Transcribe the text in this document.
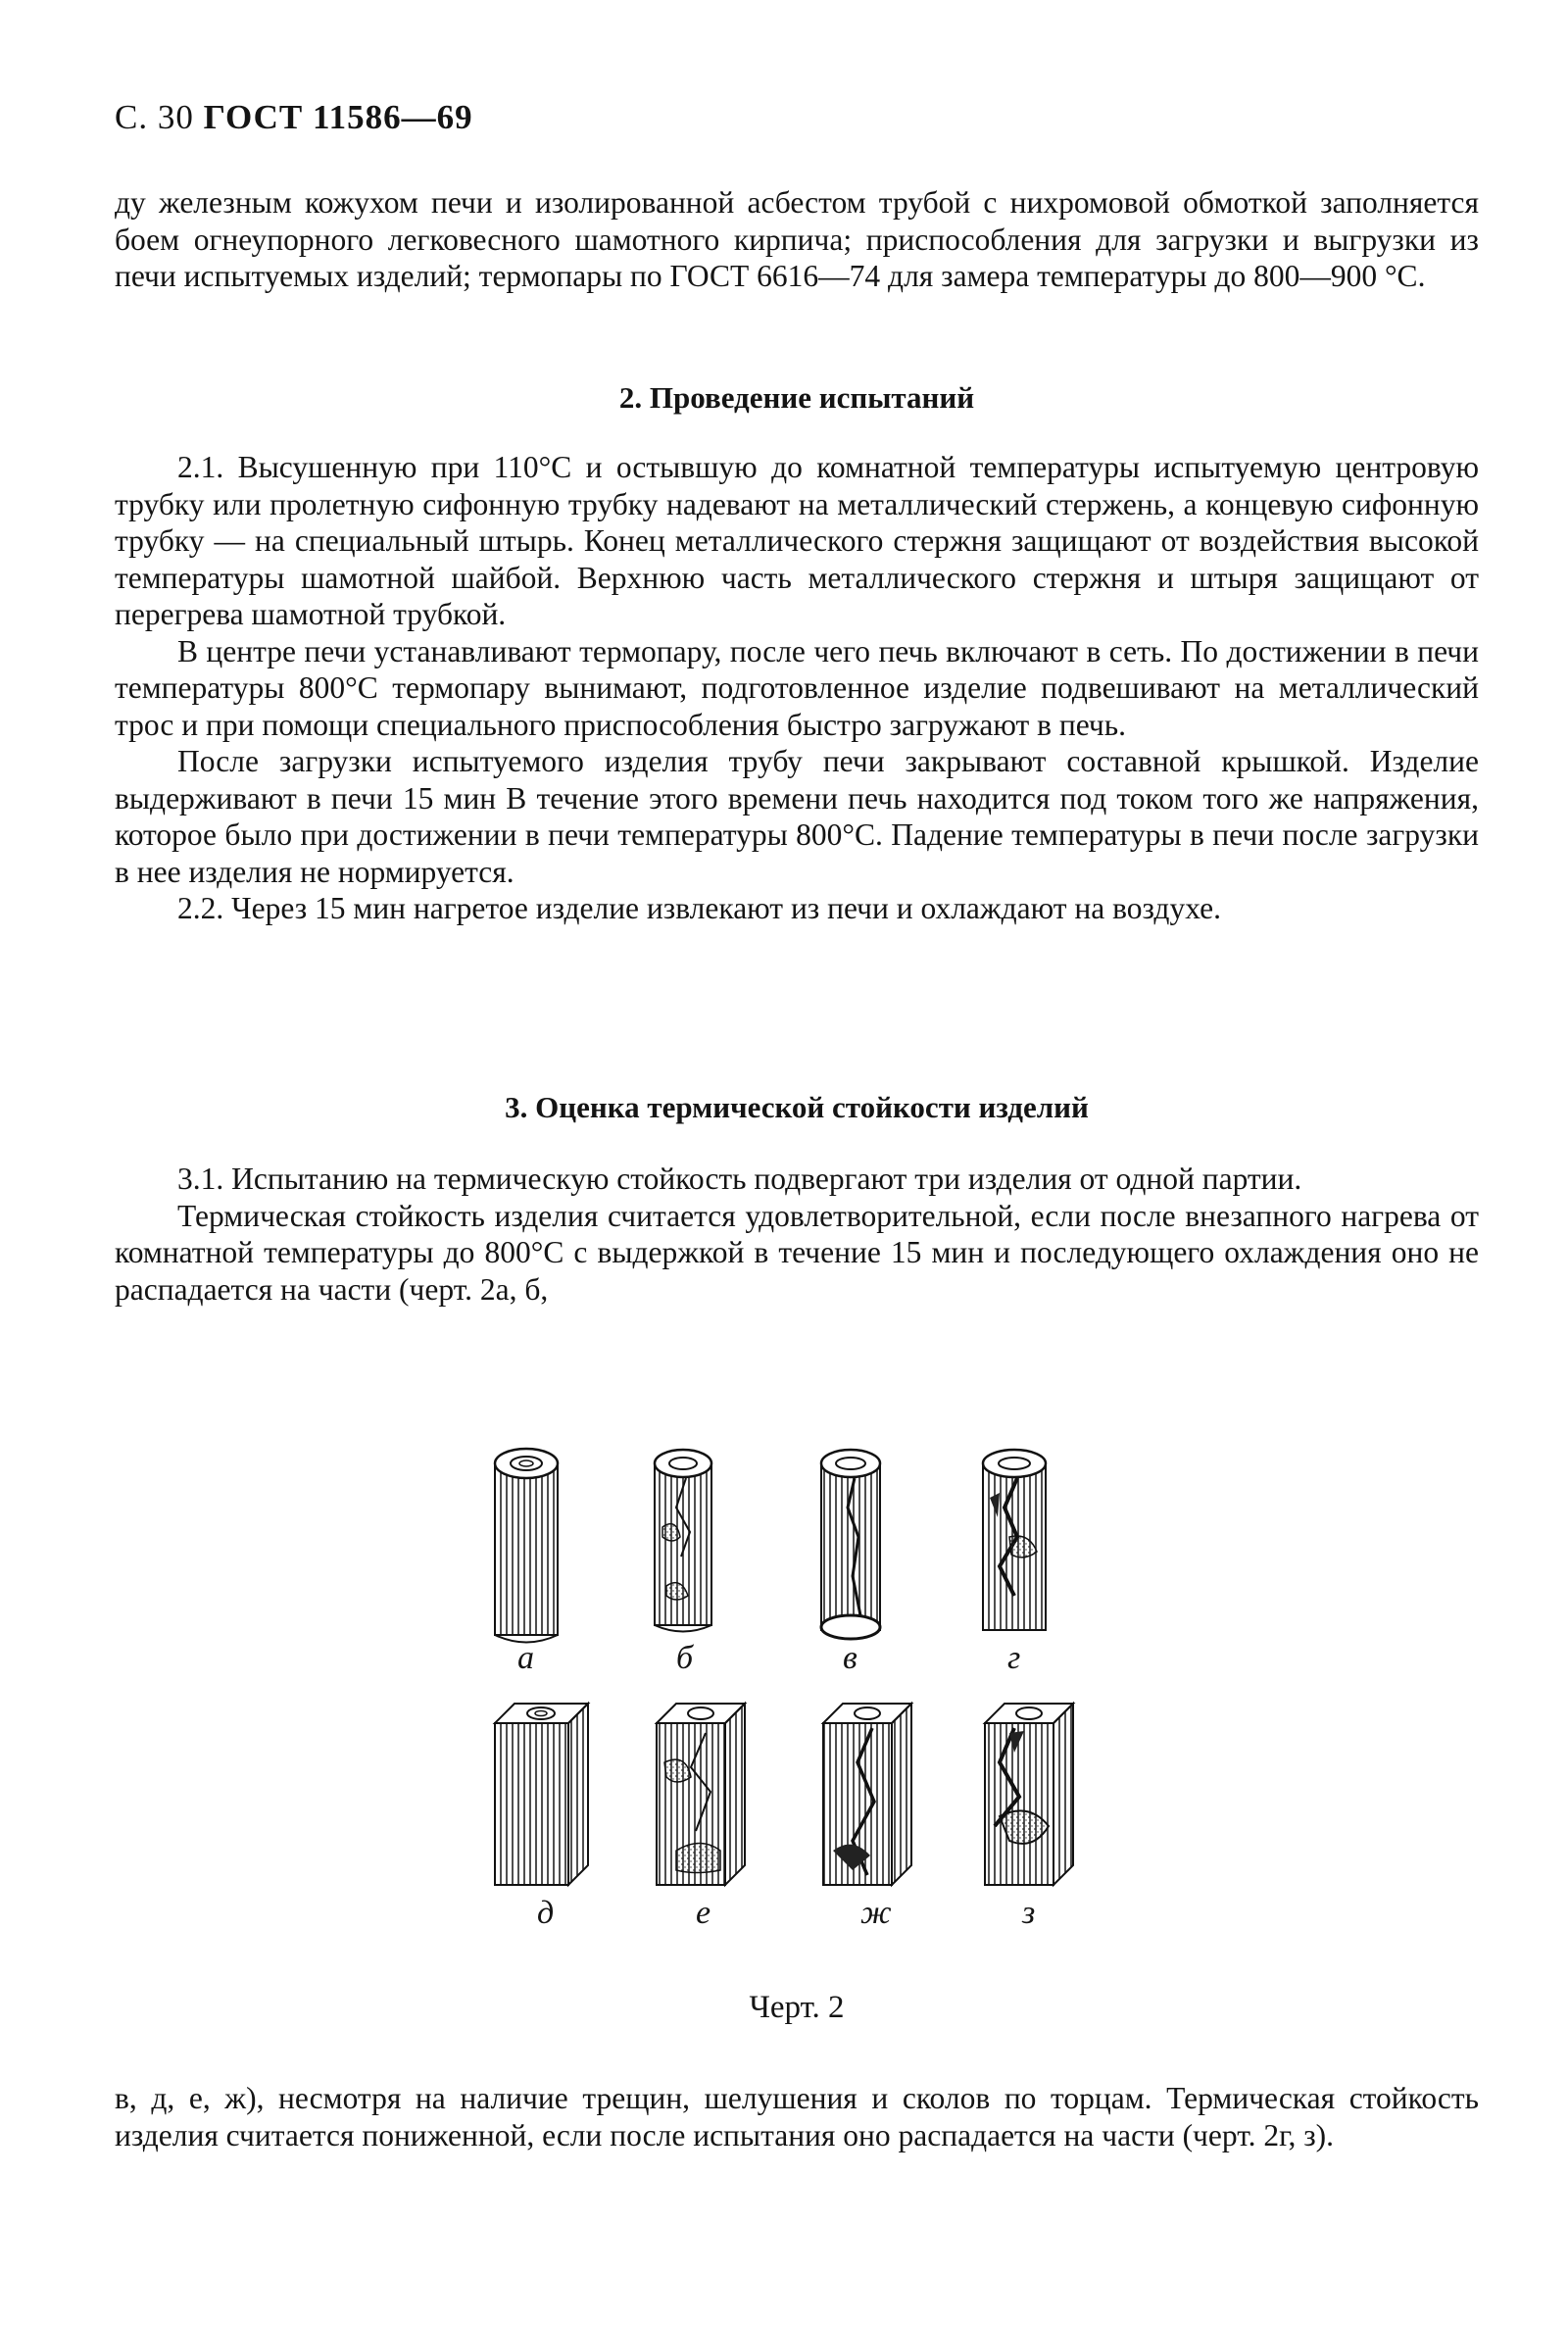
С. 30 ГОСТ 11586—69

ду железным кожухом печи и изолированной асбестом трубой с нихромовой обмоткой заполняется боем огнеупорного легковесного шамотного кирпича; приспособления для загрузки и выгрузки из печи испытуемых изделий; термопары по ГОСТ 6616—74 для замера температуры до 800—900 °С.

2. Проведение испытаний

2.1. Высушенную при 110°С и остывшую до комнатной температуры испытуемую центровую трубку или пролетную сифонную трубку надевают на металлический стержень, а концевую сифонную трубку — на специальный штырь. Конец металлического стержня защищают от воздействия высокой температуры шамотной шайбой. Верхнюю часть металлического стержня и штыря защищают от перегрева шамотной трубкой.

В центре печи устанавливают термопару, после чего печь включают в сеть. По достижении в печи температуры 800°С термопару вынимают, подготовленное изделие подвешивают на металлический трос и при помощи специального приспособления быстро загружают в печь.

После загрузки испытуемого изделия трубу печи закрывают составной крышкой. Изделие выдерживают в печи 15 мин В течение этого времени печь находится под током того же напряжения, которое было при достижении в печи температуры 800°С. Падение температуры в печи после загрузки в нее изделия не нормируется.

2.2. Через 15 мин нагретое изделие извлекают из печи и охлаждают на воздухе.

3. Оценка термической стойкости изделий

3.1. Испытанию на термическую стойкость подвергают три изделия от одной партии.

Термическая стойкость изделия считается удовлетворительной, если после внезапного нагрева от комнатной температуры до 800°С с выдержкой в течение 15 мин и последующего охлаждения оно не распадается на части (черт. 2а, б,

а	б	в	г
д	е	ж	з
Черт. 2

в, д, е, ж), несмотря на наличие трещин, шелушения и сколов по торцам. Термическая стойкость изделия считается пониженной, если после испытания оно распадается на части (черт. 2г, з).
